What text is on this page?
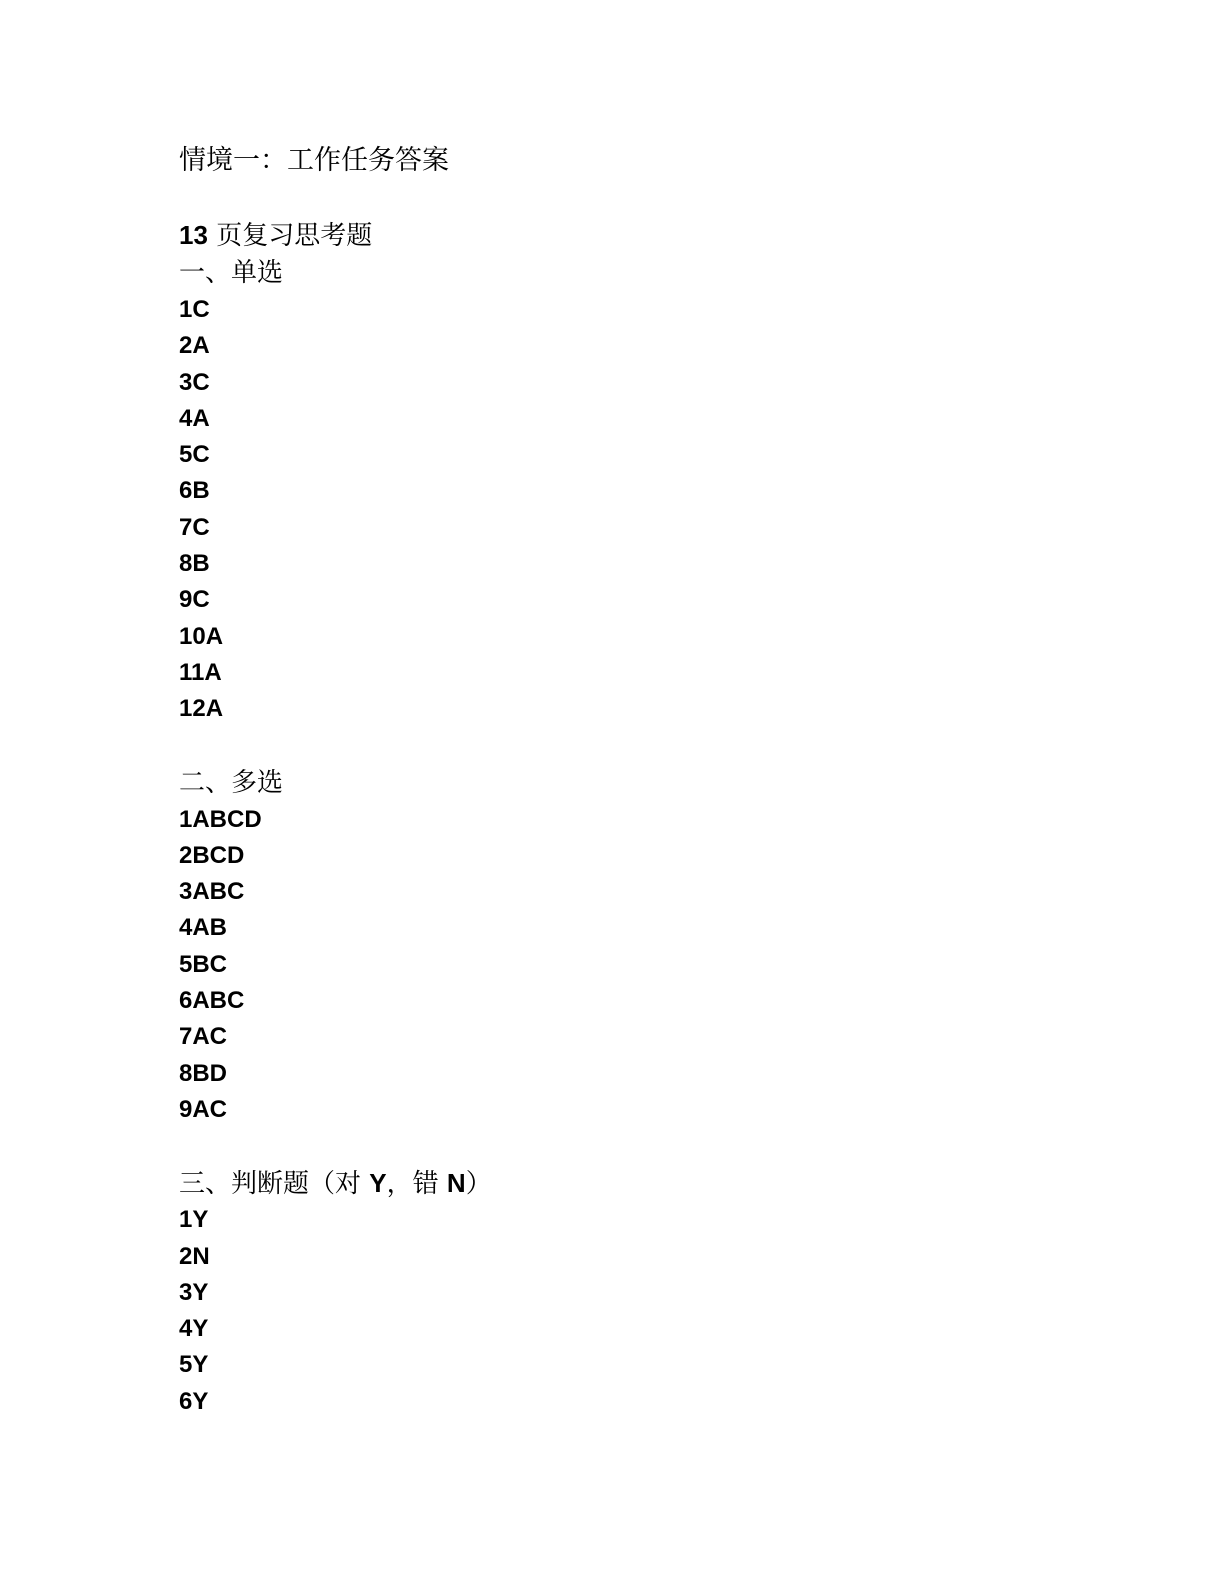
情境一：工作任务答案
13 页复习思考题
一、单选
1C
2A
3C
4A
5C
6B
7C
8B
9C
10A
11A
12A
二、多选
1ABCD
2BCD
3ABC
4AB
5BC
6ABC
7AC
8BD
9AC
三、判断题（对 Y，错 N）
1Y
2N
3Y
4Y
5Y
6Y
